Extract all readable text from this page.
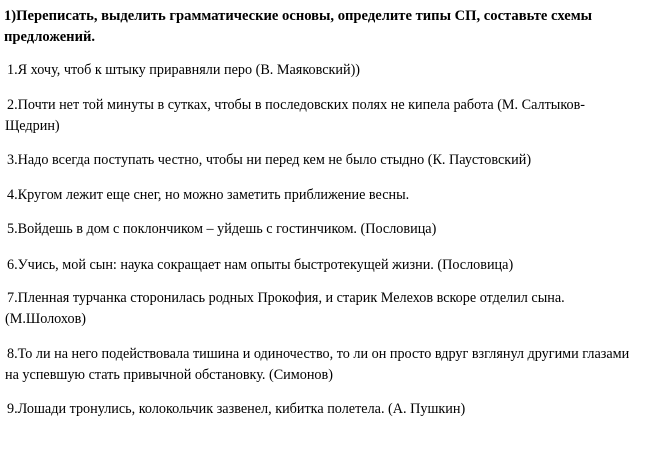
1)Переписать, выделить грамматические основы, определите типы СП, составьте схемы предложений.
1.Я хочу, чтоб к штыку приравняли перо (В. Маяковский))
2.Почти нет той минуты в сутках, чтобы в последовских полях не кипела работа (М. Салтыков- Щедрин)
3.Надо всегда поступать честно, чтобы ни перед кем не было стыдно (К. Паустовский)
4.Кругом лежит еще снег, но можно заметить приближение весны.
5.Войдешь в дом с поклончиком – уйдешь с гостинчиком. (Пословица)
6.Учись, мой сын: наука сокращает нам опыты быстротекущей жизни. (Пословица)
7.Пленная турчанка сторонилась родных Прокофия, и старик Мелехов вскоре отделил сына. (М.Шолохов)
8.То ли на него подействовала тишина и одиночество, то ли он просто вдруг взглянул другими глазами на успевшую стать привычной обстановку. (Симонов)
9.Лошади тронулись, колокольчик зазвенел, кибитка полетела. (А. Пушкин)
